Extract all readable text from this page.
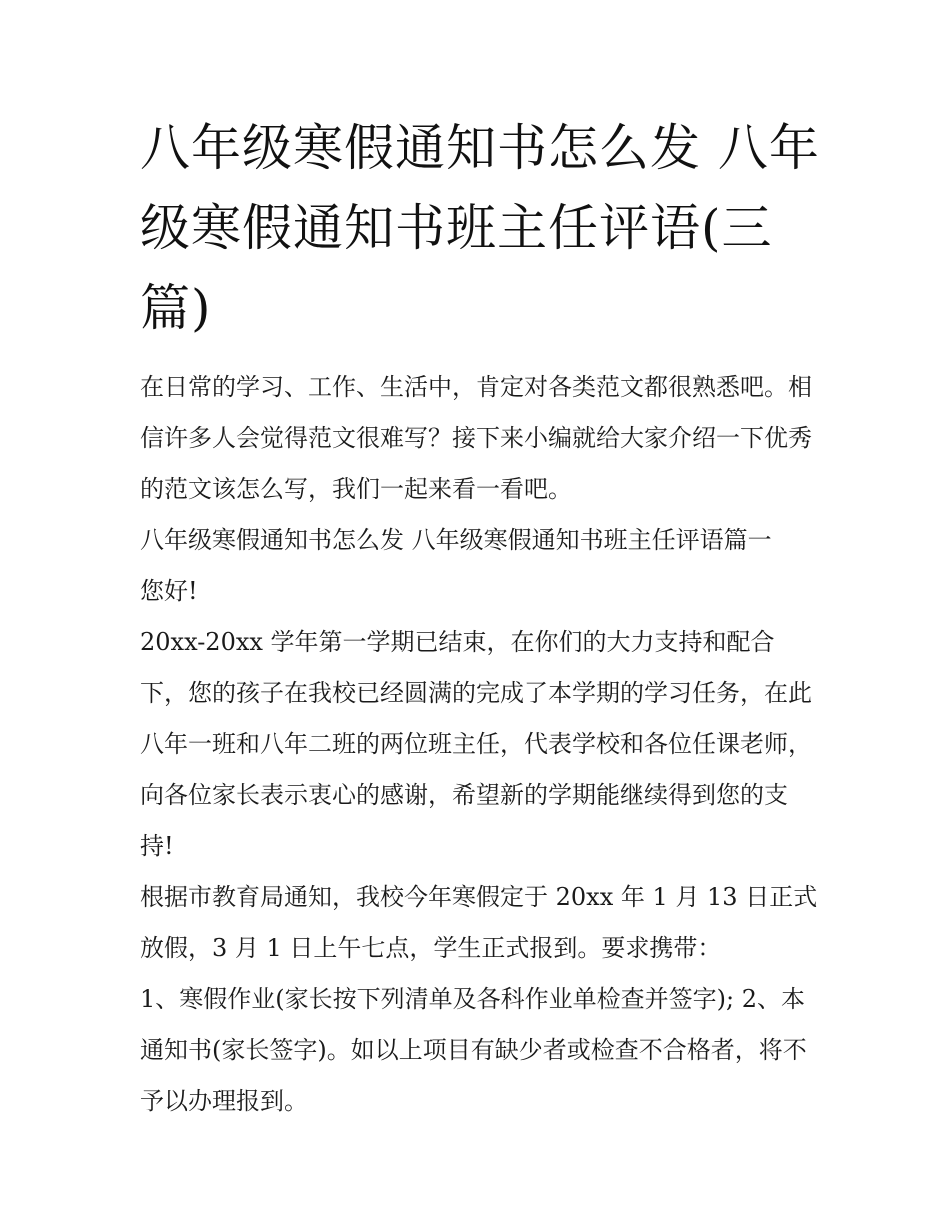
八年级寒假通知书怎么发 八年级寒假通知书班主任评语(三篇)

在日常的学习、工作、生活中，肯定对各类范文都很熟悉吧。相信许多人会觉得范文很难写？接下来小编就给大家介绍一下优秀的范文该怎么写，我们一起来看一看吧。

八年级寒假通知书怎么发 八年级寒假通知书班主任评语篇一

您好!

20xx-20xx 学年第一学期已结束，在你们的大力支持和配合下，您的孩子在我校已经圆满的完成了本学期的学习任务，在此八年一班和八年二班的两位班主任，代表学校和各位任课老师，向各位家长表示衷心的感谢，希望新的学期能继续得到您的支持!

根据市教育局通知，我校今年寒假定于 20xx 年 1 月 13 日正式放假，3 月 1 日上午七点，学生正式报到。要求携带：

1、寒假作业(家长按下列清单及各科作业单检查并签字); 2、本通知书(家长签字)。如以上项目有缺少者或检查不合格者，将不予以办理报到。
